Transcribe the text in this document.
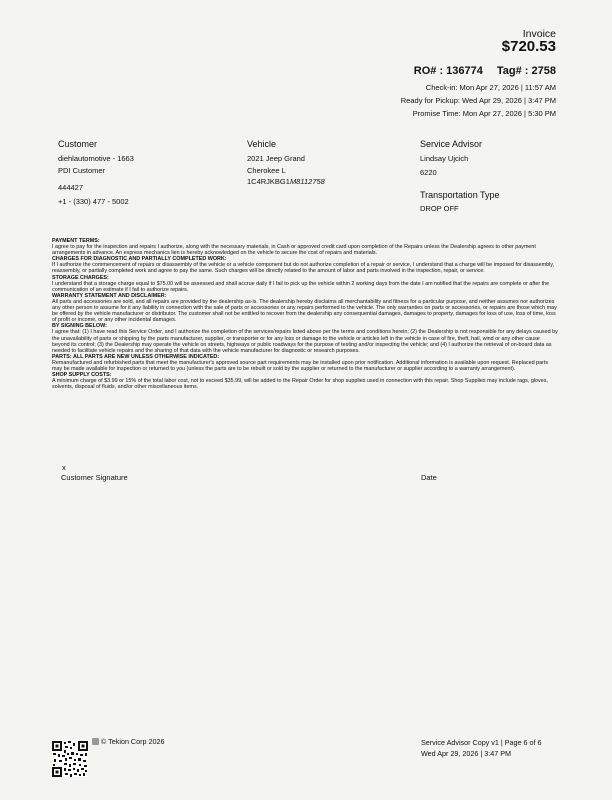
Invoice
$720.53
RO# : 136774 Tag# : 2758
Check-in: Mon Apr 27, 2026 | 11:57 AM
Ready for Pickup: Wed Apr 29, 2026 | 3:47 PM
Promise Time: Mon Apr 27, 2026 | 5:30 PM
Customer
diehlautomotive - 1663
PDI Customer
444427
+1 - (330) 477 - 5002
Vehicle
2021 Jeep Grand
Cherokee L
1C4RJKBG1M8112758
Service Advisor
Lindsay Ujcich
6220
Transportation Type
DROP OFF

PAYMENT TERMS:

I agree to pay for the inspection and repairs I authorize, along with the necessary materials, in Cash or approved credit card upon completion of the Repairs unless the Dealership agrees to other payment arrangements in advance. An express mechanics lien is hereby acknowledged on the vehicle to secure the cost of repairs and materials.

CHARGES FOR DIAGNOSTIC AND PARTIALLY COMPLETED WORK:

If I authorize the commencement of repairs or disassembly of the vehicle or a vehicle component but do not authorize completion of a repair or service, I understand that a charge will be imposed for disassembly, reassembly, or partially completed work and agree to pay the same. Such charges will be directly related to the amount of labor and parts involved in the inspection, repair, or service.

STORAGE CHARGES:

I understand that a storage charge equal to $75.00 will be assessed and shall accrue daily if I fail to pick up the vehicle within 2 working days from the date I am notified that the repairs are complete or after the communication of an estimate if I fail to authorize repairs.

WARRANTY STATEMENT AND DISCLAIMER:

All parts and accessories are sold, and all repairs are provided by the dealership as-is. The dealership hereby disclaims all merchantability and fitness for a particular purpose, and neither assumes nor authorizes any other person to assume for it any liability in connection with the sale of parts or accessories or any repairs performed to the vehicle. The only warranties on parts or accessories, or repairs are those which may be offered by the vehicle manufacturer or distributor. The customer shall not be entitled to recover from the dealership any consequential damages, damages to property, damages for loss of use, loss of time, loss of profit or income, or any other incidental damages.

BY SIGNING BELOW:

I agree that: (1) I have read this Service Order, and I authorize the completion of the services/repairs listed above per the terms and conditions herein; (2) the Dealership is not responsible for any delays caused by the unavailability of parts or shipping by the parts manufacturer, supplier, or transporter or for any loss or damage to the vehicle or articles left in the vehicle in case of fire, theft, hail, wind or any other cause beyond its control; (3) the Dealership may operate the vehicle on streets, highways or public roadways for the purpose of testing and/or inspecting the vehicle; and (4) I authorize the retrieval of on-board data as needed to facilitate vehicle repairs and the sharing of that data with the vehicle manufacturer for diagnostic or research purposes.

PARTS: ALL PARTS ARE NEW UNLESS OTHERWISE INDICATED:

Remanufactured and refurbished parts that meet the manufacturer's approved source part requirements may be installed upon prior notification. Additional information is available upon request. Replaced parts may be made available for inspection or returned to you (unless the parts are to be rebuilt or sold by the supplier or returned to the manufacturer or supplier according to a warranty arrangement).

SHOP SUPPLY COSTS:

A minimum charge of $3.99 or 15% of the total labor cost, not to exceed $35.99, will be added to the Repair Order for shop supplies used in connection with this repair. Shop Supplies may include rags, gloves, solvents, disposal of fluids, and/or other miscellaneous items.

x
Customer Signature	Date
© Tekion Corp 2026	Service Advisor Copy v1 | Page 6 of 6
Wed Apr 29, 2026 | 3:47 PM
